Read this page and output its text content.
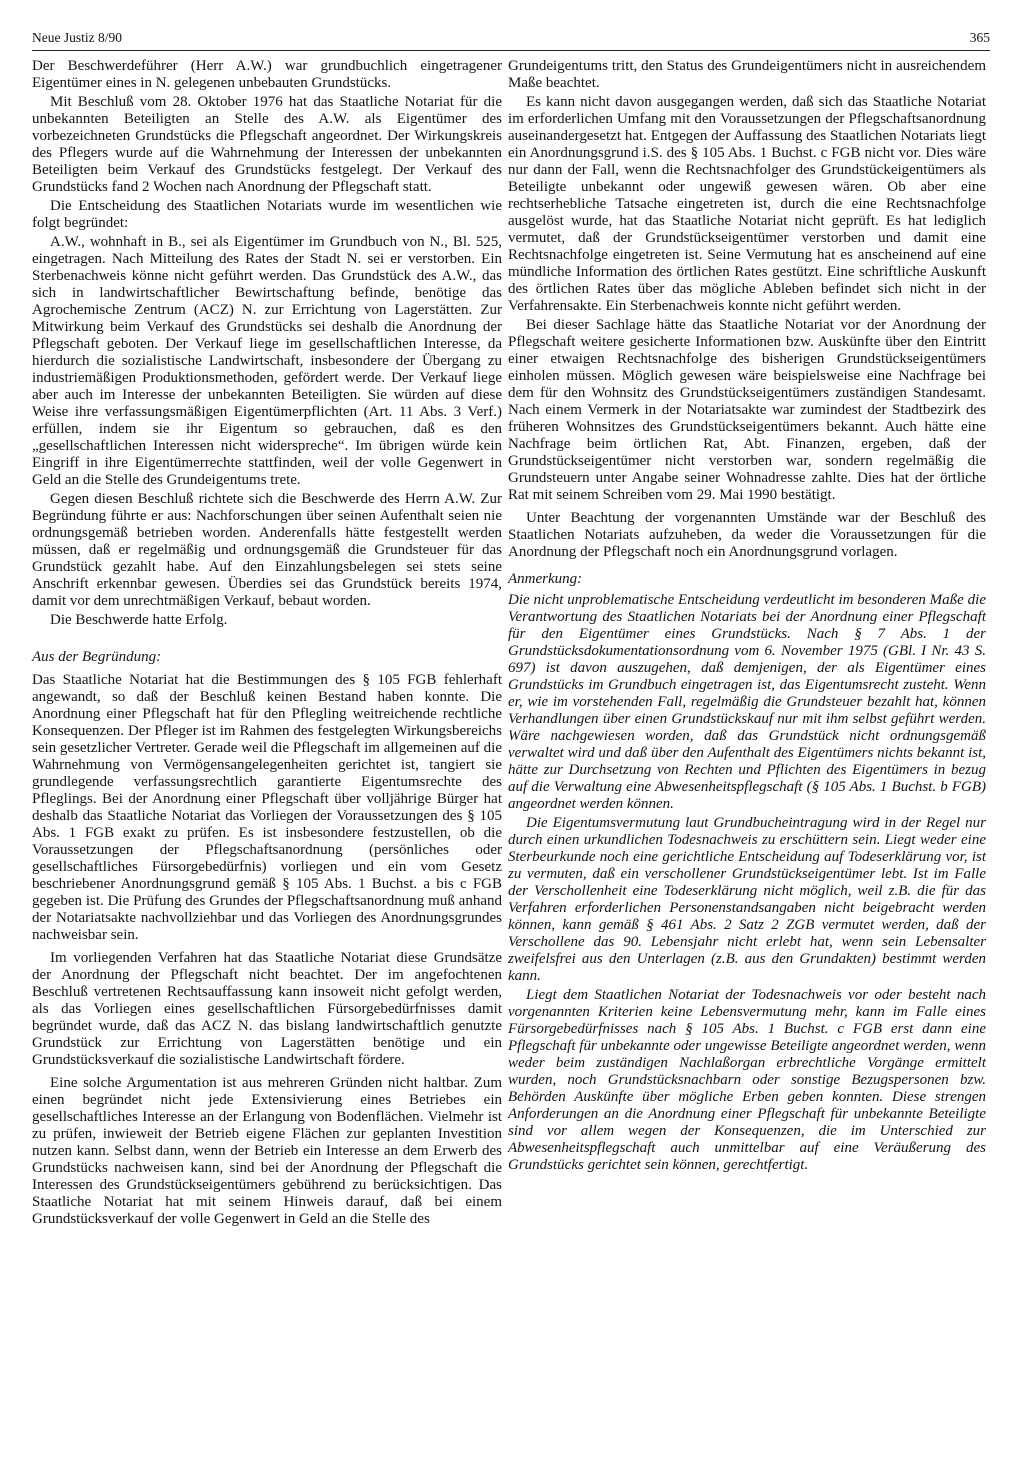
Neue Justiz 8/90	365

Der Beschwerdeführer (Herr A.W.) war grundbuchlich eingetragener Eigentümer eines in N. gelegenen unbebauten Grundstücks.

Mit Beschluß vom 28. Oktober 1976 hat das Staatliche Notariat für die unbekannten Beteiligten an Stelle des A.W. als Eigentümer des vorbezeichneten Grundstücks die Pflegschaft angeordnet. Der Wirkungskreis des Pflegers wurde auf die Wahrnehmung der Interessen der unbekannten Beteiligten beim Verkauf des Grundstücks festgelegt. Der Verkauf des Grundstücks fand 2 Wochen nach Anordnung der Pflegschaft statt.

Die Entscheidung des Staatlichen Notariats wurde im wesentlichen wie folgt begründet:

A.W., wohnhaft in B., sei als Eigentümer im Grundbuch von N., Bl. 525, eingetragen. Nach Mitteilung des Rates der Stadt N. sei er verstorben. Ein Sterbenachweis könne nicht geführt werden. Das Grundstück des A.W., das sich in landwirtschaftlicher Bewirtschaftung befinde, benötige das Agrochemische Zentrum (ACZ) N. zur Errichtung von Lagerstätten. Zur Mitwirkung beim Verkauf des Grundstücks sei deshalb die Anordnung der Pflegschaft geboten. Der Verkauf liege im gesellschaftlichen Interesse, da hierdurch die sozialistische Landwirtschaft, insbesondere der Übergang zu industriemäßigen Produktionsmethoden, gefördert werde. Der Verkauf liege aber auch im Interesse der unbekannten Beteiligten. Sie würden auf diese Weise ihre verfassungsmäßigen Eigentümerpflichten (Art. 11 Abs. 3 Verf.) erfüllen, indem sie ihr Eigentum so gebrauchen, daß es den „gesellschaftlichen Interessen nicht widerspreche“. Im übrigen würde kein Eingriff in ihre Eigentümerrechte stattfinden, weil der volle Gegenwert in Geld an die Stelle des Grundeigentums trete.

Gegen diesen Beschluß richtete sich die Beschwerde des Herrn A.W. Zur Begründung führte er aus: Nachforschungen über seinen Aufenthalt seien nie ordnungsgemäß betrieben worden. Anderenfalls hätte festgestellt werden müssen, daß er regelmäßig und ordnungsgemäß die Grundsteuer für das Grundstück gezahlt habe. Auf den Einzahlungsbelegen sei stets seine Anschrift erkennbar gewesen. Überdies sei das Grundstück bereits 1974, damit vor dem unrechtmäßigen Verkauf, bebaut worden.

Die Beschwerde hatte Erfolg.

Aus der Begründung:

Das Staatliche Notariat hat die Bestimmungen des § 105 FGB fehlerhaft angewandt, so daß der Beschluß keinen Bestand haben konnte. Die Anordnung einer Pflegschaft hat für den Pflegling weitreichende rechtliche Konsequenzen. Der Pfleger ist im Rahmen des festgelegten Wirkungsbereichs sein gesetzlicher Vertreter. Gerade weil die Pflegschaft im allgemeinen auf die Wahrnehmung von Vermögensangelegenheiten gerichtet ist, tangiert sie grundlegende verfassungsrechtlich garantierte Eigentumsrechte des Pfleglings. Bei der Anordnung einer Pflegschaft über volljährige Bürger hat deshalb das Staatliche Notariat das Vorliegen der Voraussetzungen des § 105 Abs. 1 FGB exakt zu prüfen. Es ist insbesondere festzustellen, ob die Voraussetzungen der Pflegschaftsanordnung (persönliches oder gesellschaftliches Fürsorgebedürfnis) vorliegen und ein vom Gesetz beschriebener Anordnungsgrund gemäß § 105 Abs. 1 Buchst. a bis c FGB gegeben ist. Die Prüfung des Grundes der Pflegschaftsanordnung muß anhand der Notariatsakte nachvollziehbar und das Vorliegen des Anordnungsgrundes nachweisbar sein.

Im vorliegenden Verfahren hat das Staatliche Notariat diese Grundsätze der Anordnung der Pflegschaft nicht beachtet. Der im angefochtenen Beschluß vertretenen Rechtsauffassung kann insoweit nicht gefolgt werden, als das Vorliegen eines gesellschaftlichen Fürsorgebedürfnisses damit begründet wurde, daß das ACZ N. das bislang landwirtschaftlich genutzte Grundstück zur Errichtung von Lagerstätten benötige und ein Grundstücksverkauf die sozialistische Landwirtschaft fördere.

Eine solche Argumentation ist aus mehreren Gründen nicht haltbar. Zum einen begründet nicht jede Extensivierung eines Betriebes ein gesellschaftliches Interesse an der Erlangung von Bodenflächen. Vielmehr ist zu prüfen, inwieweit der Betrieb eigene Flächen zur geplanten Investition nutzen kann. Selbst dann, wenn der Betrieb ein Interesse an dem Erwerb des Grundstücks nachweisen kann, sind bei der Anordnung der Pflegschaft die Interessen des Grundstückseigentümers gebührend zu berücksichtigen. Das Staatliche Notariat hat mit seinem Hinweis darauf, daß bei einem Grundstücksverkauf der volle Gegenwert in Geld an die Stelle des

Grundeigentums tritt, den Status des Grundeigentümers nicht in ausreichendem Maße beachtet.

Es kann nicht davon ausgegangen werden, daß sich das Staatliche Notariat im erforderlichen Umfang mit den Voraussetzungen der Pflegschaftsanordnung auseinandergesetzt hat. Entgegen der Auffassung des Staatlichen Notariats liegt ein Anordnungsgrund i.S. des § 105 Abs. 1 Buchst. c FGB nicht vor. Dies wäre nur dann der Fall, wenn die Rechtsnachfolger des Grundstückeigentümers als Beteiligte unbekannt oder ungewiß gewesen wären. Ob aber eine rechtserhebliche Tatsache eingetreten ist, durch die eine Rechtsnachfolge ausgelöst wurde, hat das Staatliche Notariat nicht geprüft. Es hat lediglich vermutet, daß der Grundstückseigentümer verstorben und damit eine Rechtsnachfolge eingetreten ist. Seine Vermutung hat es anscheinend auf eine mündliche Information des örtlichen Rates gestützt. Eine schriftliche Auskunft des örtlichen Rates über das mögliche Ableben befindet sich nicht in der Verfahrensakte. Ein Sterbenachweis konnte nicht geführt werden.

Bei dieser Sachlage hätte das Staatliche Notariat vor der Anordnung der Pflegschaft weitere gesicherte Informationen bzw. Auskünfte über den Eintritt einer etwaigen Rechtsnachfolge des bisherigen Grundstückseigentümers einholen müssen. Möglich gewesen wäre beispielsweise eine Nachfrage bei dem für den Wohnsitz des Grundstückseigentümers zuständigen Standesamt. Nach einem Vermerk in der Notariatsakte war zumindest der Stadtbezirk des früheren Wohnsitzes des Grundstückseigentümers bekannt. Auch hätte eine Nachfrage beim örtlichen Rat, Abt. Finanzen, ergeben, daß der Grundstückseigentümer nicht verstorben war, sondern regelmäßig die Grundsteuern unter Angabe seiner Wohnadresse zahlte. Dies hat der örtliche Rat mit seinem Schreiben vom 29. Mai 1990 bestätigt.

Unter Beachtung der vorgenannten Umstände war der Beschluß des Staatlichen Notariats aufzuheben, da weder die Voraussetzungen für die Anordnung der Pflegschaft noch ein Anordnungsgrund vorlagen.

Anmerkung:

Die nicht unproblematische Entscheidung verdeutlicht im besonderen Maße die Verantwortung des Staatlichen Notariats bei der Anordnung einer Pflegschaft für den Eigentümer eines Grundstücks. Nach § 7 Abs. 1 der Grundstücksdokumentationsordnung vom 6. November 1975 (GBl. I Nr. 43 S. 697) ist davon auszugehen, daß demjenigen, der als Eigentümer eines Grundstücks im Grundbuch eingetragen ist, das Eigentumsrecht zusteht. Wenn er, wie im vorstehenden Fall, regelmäßig die Grundsteuer bezahlt hat, können Verhandlungen über einen Grundstückskauf nur mit ihm selbst geführt werden. Wäre nachgewiesen worden, daß das Grundstück nicht ordnungsgemäß verwaltet wird und daß über den Aufenthalt des Eigentümers nichts bekannt ist, hätte zur Durchsetzung von Rechten und Pflichten des Eigentümers in bezug auf die Verwaltung eine Abwesenheitspflegschaft (§ 105 Abs. 1 Buchst. b FGB) angeordnet werden können.

Die Eigentumsvermutung laut Grundbucheintragung wird in der Regel nur durch einen urkundlichen Todesnachweis zu erschüttern sein. Liegt weder eine Sterbeurkunde noch eine gerichtliche Entscheidung auf Todeserklärung vor, ist zu vermuten, daß ein verschollener Grundstückseigentümer lebt. Ist im Falle der Verschollenheit eine Todeserklärung nicht möglich, weil z.B. die für das Verfahren erforderlichen Personenstandsangaben nicht beigebracht werden können, kann gemäß § 461 Abs. 2 Satz 2 ZGB vermutet werden, daß der Verschollene das 90. Lebensjahr nicht erlebt hat, wenn sein Lebensalter zweifelsfrei aus den Unterlagen (z.B. aus den Grundakten) bestimmt werden kann.

Liegt dem Staatlichen Notariat der Todesnachweis vor oder besteht nach vorgenannten Kriterien keine Lebensvermutung mehr, kann im Falle eines Fürsorgebedürfnisses nach § 105 Abs. 1 Buchst. c FGB erst dann eine Pflegschaft für unbekannte oder ungewisse Beteiligte angeordnet werden, wenn weder beim zuständigen Nachlaßorgan erbrechtliche Vorgänge ermittelt wurden, noch Grundstücksnachbarn oder sonstige Bezugspersonen bzw. Behörden Auskünfte über mögliche Erben geben konnten. Diese strengen Anforderungen an die Anordnung einer Pflegschaft für unbekannte Beteiligte sind vor allem wegen der Konsequenzen, die im Unterschied zur Abwesenheitspflegschaft auch unmittelbar auf eine Veräußerung des Grundstücks gerichtet sein können, gerechtfertigt.
